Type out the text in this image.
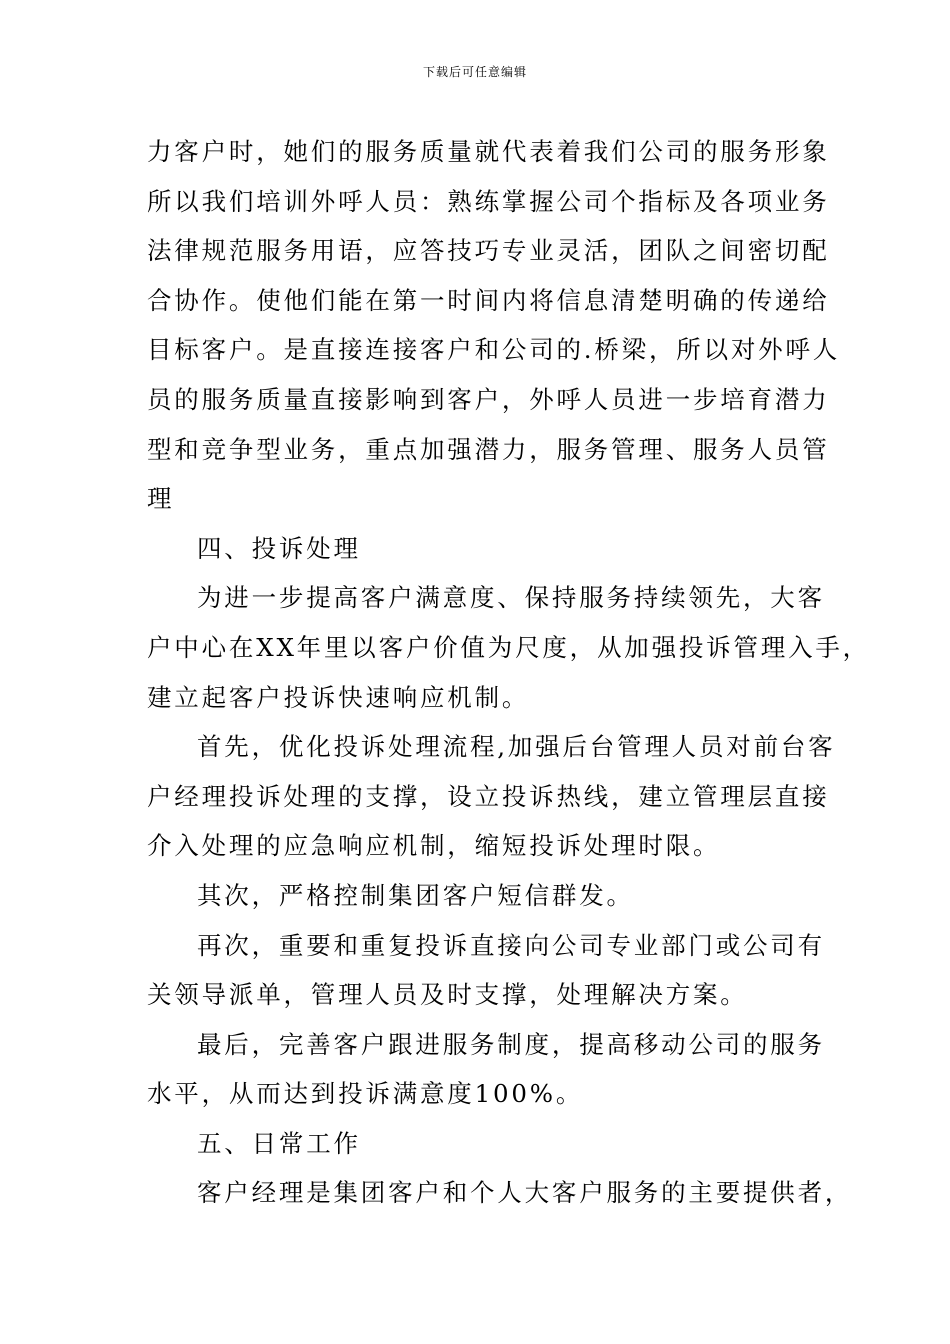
下载后可任意编辑
力客户时，她们的服务质量就代表着我们公司的服务形象
所以我们培训外呼人员：熟练掌握公司个指标及各项业务
法律规范服务用语，应答技巧专业灵活，团队之间密切配
合协作。使他们能在第一时间内将信息清楚明确的传递给
目标客户。是直接连接客户和公司的.桥梁，所以对外呼人
员的服务质量直接影响到客户，外呼人员进一步培育潜力
型和竞争型业务，重点加强潜力，服务管理、服务人员管
理
四、投诉处理
为进一步提高客户满意度、保持服务持续领先，大客
户中心在XX年里以客户价值为尺度，从加强投诉管理入手，
建立起客户投诉快速响应机制。
首先，优化投诉处理流程,加强后台管理人员对前台客
户经理投诉处理的支撑，设立投诉热线，建立管理层直接
介入处理的应急响应机制，缩短投诉处理时限。
其次，严格控制集团客户短信群发。
再次，重要和重复投诉直接向公司专业部门或公司有
关领导派单，管理人员及时支撑，处理解决方案。
最后，完善客户跟进服务制度，提高移动公司的服务
水平，从而达到投诉满意度100%。
五、日常工作
客户经理是集团客户和个人大客户服务的主要提供者，
